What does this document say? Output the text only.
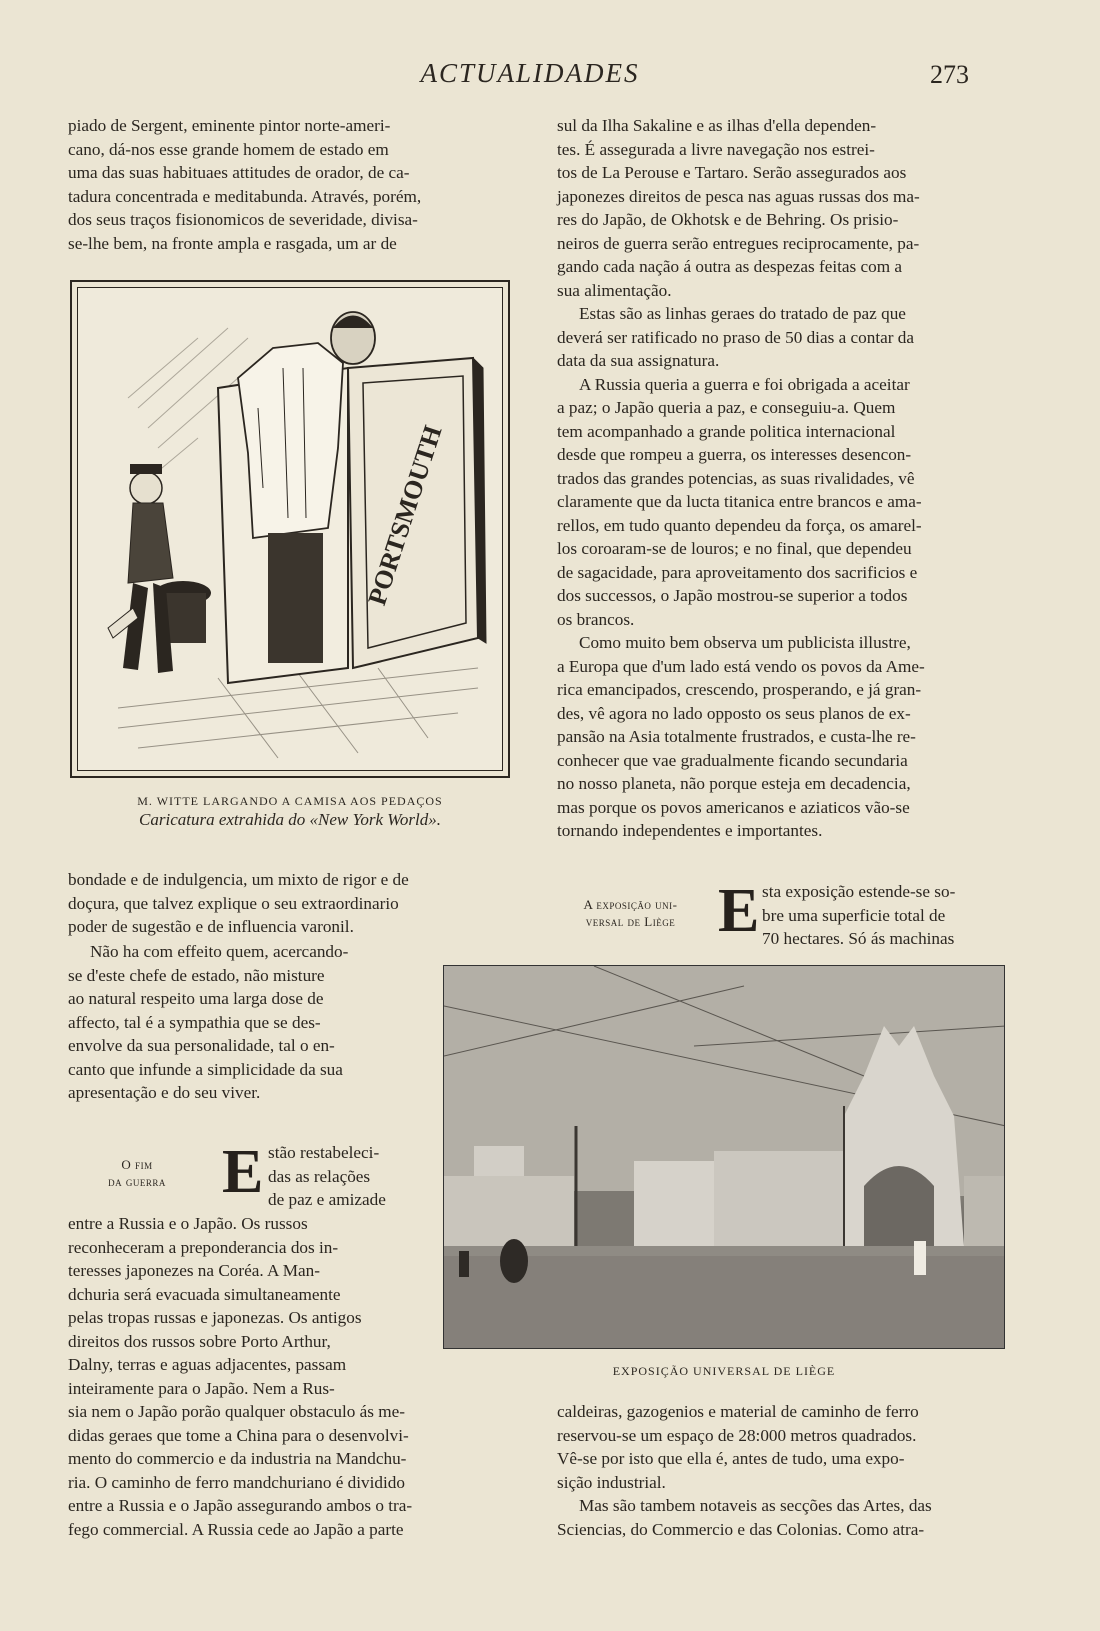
ACTUALIDADES	273

piado de Sergent, eminente pintor norte-ameri-

cano, dá-nos esse grande homem de estado em

uma das suas habituaes attitudes de orador, de ca-

tadura concentrada e meditabunda. Através, porém,

dos seus traços fisionomicos de severidade, divisa-

se-lhe bem, na fronte ampla e rasgada, um ar de

PORTSMOUTH
M. WITTE LARGANDO A CAMISA AOS PEDAÇOS
Caricatura extrahida do «New York World».

bondade e de indulgencia, um mixto de rigor e de

doçura, que talvez explique o seu extraordinario

poder de sugestão e de influencia varonil.

Não ha com effeito quem, acercando-

se d'este chefe de estado, não misture

ao natural respeito uma larga dose de

affecto, tal é a sympathia que se des-

envolve da sua personalidade, tal o en-

canto que infunde a simplicidade da sua

apresentação e do seu viver.

O fim
da guerra E stão restabeleci-

das as relações

de paz e amizade

entre a Russia e o Japão. Os russos

reconheceram a preponderancia dos in-

teresses japonezes na Coréa. A Man-

dchuria será evacuada simultaneamente

pelas tropas russas e japonezas. Os antigos

direitos dos russos sobre Porto Arthur,

Dalny, terras e aguas adjacentes, passam

inteiramente para o Japão. Nem a Rus-

sia nem o Japão porão qualquer obstaculo ás me-

didas geraes que tome a China para o desenvolvi-

mento do commercio e da industria na Mandchu-

ria. O caminho de ferro mandchuriano é dividido

entre a Russia e o Japão assegurando ambos o tra-

fego commercial. A Russia cede ao Japão a parte

sul da Ilha Sakaline e as ilhas d'ella dependen-

tes. É assegurada a livre navegação nos estrei-

tos de La Perouse e Tartaro. Serão assegurados aos

japonezes direitos de pesca nas aguas russas dos ma-

res do Japão, de Okhotsk e de Behring. Os prisio-

neiros de guerra serão entregues reciprocamente, pa-

gando cada nação á outra as despezas feitas com a

sua alimentação.

Estas são as linhas geraes do tratado de paz que

deverá ser ratificado no praso de 50 dias a contar da

data da sua assignatura.

A Russia queria a guerra e foi obrigada a aceitar

a paz; o Japão queria a paz, e conseguiu-a. Quem

tem acompanhado a grande politica internacional

desde que rompeu a guerra, os interesses desencon-

trados das grandes potencias, as suas rivalidades, vê

claramente que da lucta titanica entre brancos e ama-

rellos, em tudo quanto dependeu da força, os amarel-

los coroaram-se de louros; e no final, que dependeu

de sagacidade, para aproveitamento dos sacrificios e

dos successos, o Japão mostrou-se superior a todos

os brancos.

Como muito bem observa um publicista illustre,

a Europa que d'um lado está vendo os povos da Ame-

rica emancipados, crescendo, prosperando, e já gran-

des, vê agora no lado opposto os seus planos de ex-

pansão na Asia totalmente frustrados, e custa-lhe re-

conhecer que vae gradualmente ficando secundaria

no nosso planeta, não porque esteja em decadencia,

mas porque os povos americanos e aziaticos vão-se

tornando independentes e importantes.

A exposição uni-
versal de Liège E sta exposição estende-se so-

bre uma superficie total de

70 hectares. Só ás machinas

EXPOSIÇÃO UNIVERSAL DE LIÈGE

caldeiras, gazogenios e material de caminho de ferro

reservou-se um espaço de 28:000 metros quadrados.

Vê-se por isto que ella é, antes de tudo, uma expo-

sição industrial.

Mas são tambem notaveis as secções das Artes, das

Sciencias, do Commercio e das Colonias. Como atra-
